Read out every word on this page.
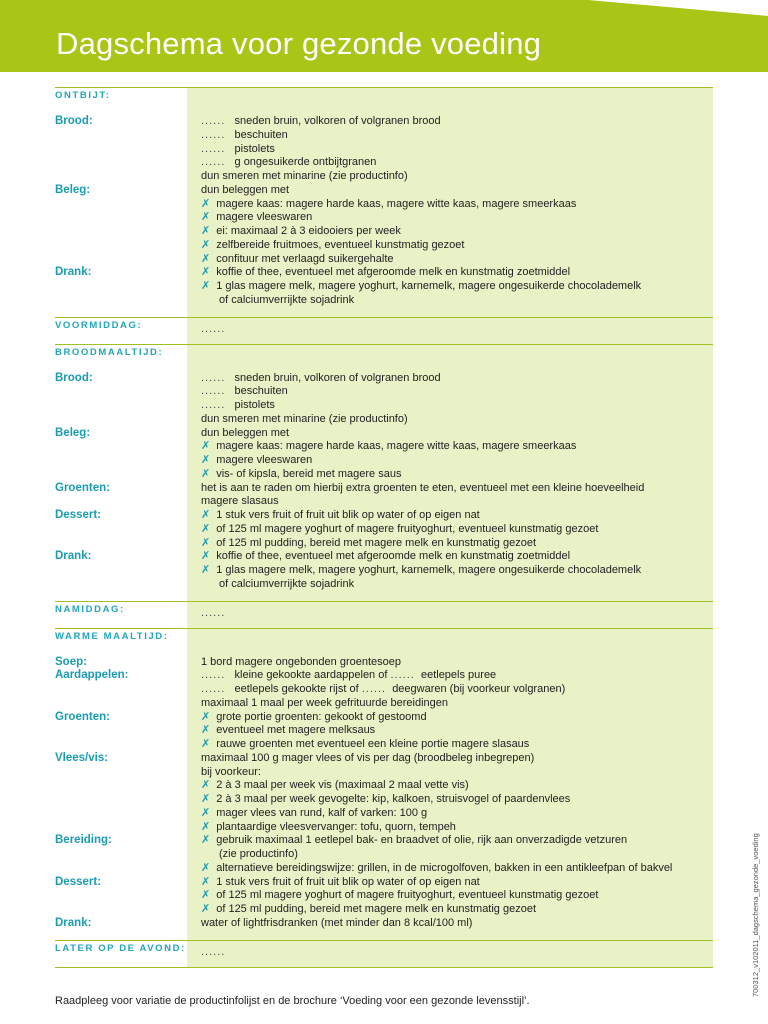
Dagschema voor gezonde voeding
ONTBIJT:
Brood:	...... sneden bruin, volkoren of volgranen brood
...... beschuiten
...... pistolets
...... g ongesuikerde ontbijtgranen
dun smeren met minarine (zie productinfo)
Beleg:	dun beleggen met
✗ magere kaas: magere harde kaas, magere witte kaas, magere smeerkaas
✗ magere vleeswaren
✗ ei: maximaal 2 à 3 eidooiers per week
✗ zelfbereide fruitmoes, eventueel kunstmatig gezoet
✗ confituur met verlaagd suikergehalte
Drank:	✗ koffie of thee, eventueel met afgeroomde melk en kunstmatig zoetmiddel
✗ 1 glas magere melk, magere yoghurt, karnemelk, magere ongesuikerde chocolademelk
of calciumverrijkte sojadrink
VOORMIDDAG:	......
BROODMAALTIJD:
Brood:	...... sneden bruin, volkoren of volgranen brood
...... beschuiten
...... pistolets
dun smeren met minarine (zie productinfo)
Beleg:	dun beleggen met
✗ magere kaas: magere harde kaas, magere witte kaas, magere smeerkaas
✗ magere vleeswaren
✗ vis- of kipsla, bereid met magere saus
Groenten:	het is aan te raden om hierbij extra groenten te eten, eventueel met een kleine hoeveelheid
magere slasaus
Dessert:	✗ 1 stuk vers fruit of fruit uit blik op water of op eigen nat
✗ of 125 ml magere yoghurt of magere fruityoghurt, eventueel kunstmatig gezoet
✗ of 125 ml pudding, bereid met magere melk en kunstmatig gezoet
Drank:	✗ koffie of thee, eventueel met afgeroomde melk en kunstmatig zoetmiddel
✗ 1 glas magere melk, magere yoghurt, karnemelk, magere ongesuikerde chocolademelk
of calciumverrijkte sojadrink
NAMIDDAG:	......
WARME MAALTIJD:
Soep:	1 bord magere ongebonden groentesoep
Aardappelen:	...... kleine gekookte aardappelen of ...... eetlepels puree
...... eetlepels gekookte rijst of ...... deegwaren (bij voorkeur volgranen)
maximaal 1 maal per week gefrituurde bereidingen
Groenten:	✗ grote portie groenten: gekookt of gestoomd
✗ eventueel met magere melksaus
✗ rauwe groenten met eventueel een kleine portie magere slasaus
Vlees/vis:	maximaal 100 g mager vlees of vis per dag (broodbeleg inbegrepen)
bij voorkeur:
✗ 2 à 3 maal per week vis (maximaal 2 maal vette vis)
✗ 2 à 3 maal per week gevogelte: kip, kalkoen, struisvogel of paardenvlees
✗ mager vlees van rund, kalf of varken: 100 g
✗ plantaardige vleesvervanger: tofu, quorn, tempeh
Bereiding:	✗ gebruik maximaal 1 eetlepel bak- en braadvet of olie, rijk aan onverzadigde vetzuren
(zie productinfo)
✗ alternatieve bereidingswijze: grillen, in de microgolfoven, bakken in een antikleefpan of bakvel
Dessert:	✗ 1 stuk vers fruit of fruit uit blik op water of op eigen nat
✗ of 125 ml magere yoghurt of magere fruityoghurt, eventueel kunstmatig gezoet
✗ of 125 ml pudding, bereid met magere melk en kunstmatig gezoet
Drank:	water of lightfrisdranken (met minder dan 8 kcal/100 ml)
LATER OP DE AVOND: ......
Raadpleeg voor variatie de productinfolijst en de brochure ‘Voeding voor een gezonde levensstijl’.
700312_v102011_dagschema_gezonde_voeding
